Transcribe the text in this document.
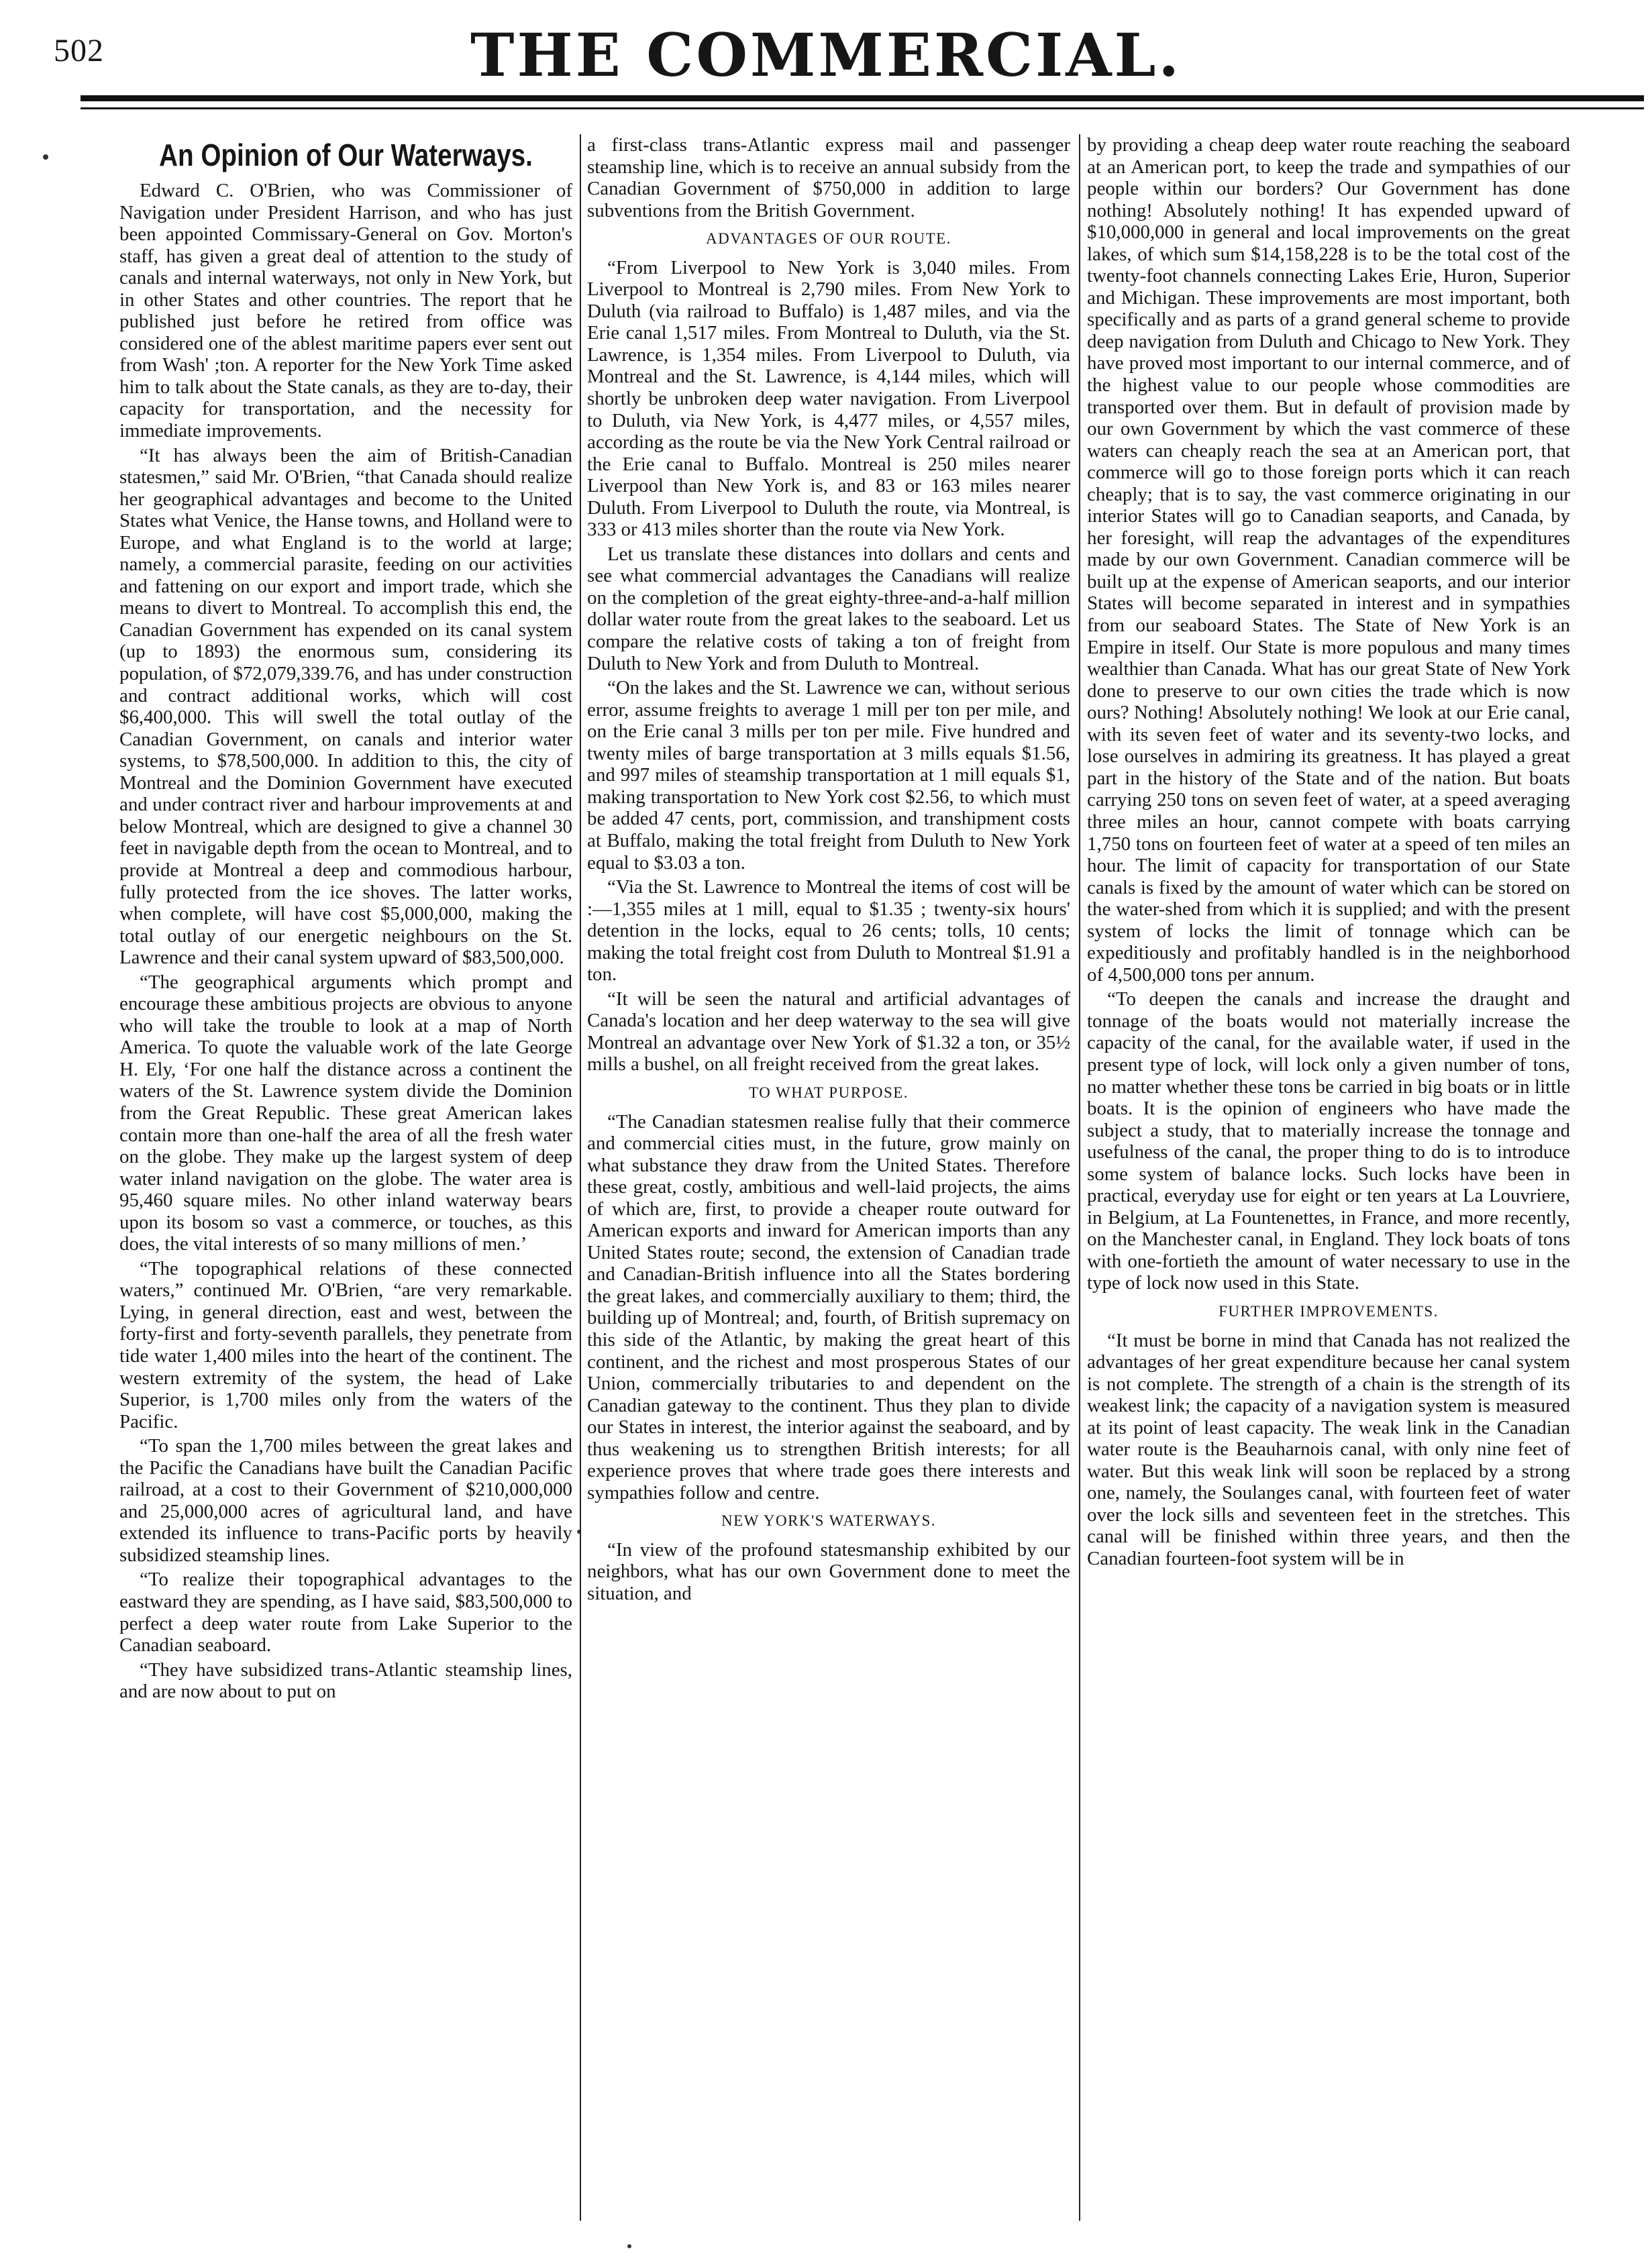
502	THE COMMERCIAL.
An Opinion of Our Waterways.

Edward C. O'Brien, who was Commissioner of Navigation under President Harrison, and who has just been appointed Commissary-General on Gov. Morton's staff, has given a great deal of attention to the study of canals and internal waterways, not only in New York, but in other States and other countries. The report that he published just before he retired from office was considered one of the ablest maritime papers ever sent out from Wash' ;ton. A reporter for the New York Time asked him to talk about the State canals, as they are to-day, their capacity for transportation, and the necessity for immediate improvements.

“It has always been the aim of British-Canadian statesmen,” said Mr. O'Brien, “that Canada should realize her geographical advantages and become to the United States what Venice, the Hanse towns, and Holland were to Europe, and what England is to the world at large; namely, a commercial parasite, feeding on our activities and fattening on our export and import trade, which she means to divert to Montreal. To accomplish this end, the Canadian Government has expended on its canal system (up to 1893) the enormous sum, considering its population, of $72,079,339.76, and has under construction and contract additional works, which will cost $6,400,000. This will swell the total outlay of the Canadian Government, on canals and interior water systems, to $78,500,000. In addition to this, the city of Montreal and the Dominion Government have executed and under contract river and harbour improvements at and below Montreal, which are designed to give a channel 30 feet in navigable depth from the ocean to Montreal, and to provide at Montreal a deep and commodious harbour, fully protected from the ice shoves. The latter works, when complete, will have cost $5,000,000, making the total outlay of our energetic neighbours on the St. Lawrence and their canal system upward of $83,500,000.

“The geographical arguments which prompt and encourage these ambitious projects are obvious to anyone who will take the trouble to look at a map of North America. To quote the valuable work of the late George H. Ely, ‘For one half the distance across a continent the waters of the St. Lawrence system divide the Dominion from the Great Republic. These great American lakes contain more than one-half the area of all the fresh water on the globe. They make up the largest system of deep water inland navigation on the globe. The water area is 95,460 square miles. No other inland waterway bears upon its bosom so vast a commerce, or touches, as this does, the vital interests of so many millions of men.’

“The topographical relations of these connected waters,” continued Mr. O'Brien, “are very remarkable. Lying, in general direction, east and west, between the forty-first and forty-seventh parallels, they penetrate from tide water 1,400 miles into the heart of the continent. The western extremity of the system, the head of Lake Superior, is 1,700 miles only from the waters of the Pacific.

“To span the 1,700 miles between the great lakes and the Pacific the Canadians have built the Canadian Pacific railroad, at a cost to their Government of $210,000,000 and 25,000,000 acres of agricultural land, and have extended its influence to trans-Pacific ports by heavily subsidized steamship lines.

“To realize their topographical advantages to the eastward they are spending, as I have said, $83,500,000 to perfect a deep water route from Lake Superior to the Canadian seaboard.

“They have subsidized trans-Atlantic steamship lines, and are now about to put on

a first-class trans-Atlantic express mail and passenger steamship line, which is to receive an annual subsidy from the Canadian Government of $750,000 in addition to large subventions from the British Government.

ADVANTAGES OF OUR ROUTE.

“From Liverpool to New York is 3,040 miles. From Liverpool to Montreal is 2,790 miles. From New York to Duluth (via railroad to Buffalo) is 1,487 miles, and via the Erie canal 1,517 miles. From Montreal to Duluth, via the St. Lawrence, is 1,354 miles. From Liverpool to Duluth, via Montreal and the St. Lawrence, is 4,144 miles, which will shortly be unbroken deep water navigation. From Liverpool to Duluth, via New York, is 4,477 miles, or 4,557 miles, according as the route be via the New York Central railroad or the Erie canal to Buffalo. Montreal is 250 miles nearer Liverpool than New York is, and 83 or 163 miles nearer Duluth. From Liverpool to Duluth the route, via Montreal, is 333 or 413 miles shorter than the route via New York.

Let us translate these distances into dollars and cents and see what commercial advantages the Canadians will realize on the completion of the great eighty-three-and-a-half million dollar water route from the great lakes to the seaboard. Let us compare the relative costs of taking a ton of freight from Duluth to New York and from Duluth to Montreal.

“On the lakes and the St. Lawrence we can, without serious error, assume freights to average 1 mill per ton per mile, and on the Erie canal 3 mills per ton per mile. Five hundred and twenty miles of barge transportation at 3 mills equals $1.56, and 997 miles of steamship transportation at 1 mill equals $1, making transportation to New York cost $2.56, to which must be added 47 cents, port, commission, and transhipment costs at Buffalo, making the total freight from Duluth to New York equal to $3.03 a ton.

“Via the St. Lawrence to Montreal the items of cost will be :—1,355 miles at 1 mill, equal to $1.35 ; twenty-six hours' detention in the locks, equal to 26 cents; tolls, 10 cents; making the total freight cost from Duluth to Montreal $1.91 a ton.

“It will be seen the natural and artificial advantages of Canada's location and her deep waterway to the sea will give Montreal an advantage over New York of $1.32 a ton, or 35½ mills a bushel, on all freight received from the great lakes.

TO WHAT PURPOSE.

“The Canadian statesmen realise fully that their commerce and commercial cities must, in the future, grow mainly on what substance they draw from the United States. Therefore these great, costly, ambitious and well-laid projects, the aims of which are, first, to provide a cheaper route outward for American exports and inward for American imports than any United States route; second, the extension of Canadian trade and Canadian-British influence into all the States bordering the great lakes, and commercially auxiliary to them; third, the building up of Montreal; and, fourth, of British supremacy on this side of the Atlantic, by making the great heart of this continent, and the richest and most prosperous States of our Union, commercially tributaries to and dependent on the Canadian gateway to the continent. Thus they plan to divide our States in interest, the interior against the seaboard, and by thus weakening us to strengthen British interests; for all experience proves that where trade goes there interests and sympathies follow and centre.

NEW YORK'S WATERWAYS.

“In view of the profound statesmanship exhibited by our neighbors, what has our own Government done to meet the situation, and

by providing a cheap deep water route reaching the seaboard at an American port, to keep the trade and sympathies of our people within our borders? Our Government has done nothing! Absolutely nothing! It has expended upward of $10,000,000 in general and local improvements on the great lakes, of which sum $14,158,228 is to be the total cost of the twenty-foot channels connecting Lakes Erie, Huron, Superior and Michigan. These improvements are most important, both specifically and as parts of a grand general scheme to provide deep navigation from Duluth and Chicago to New York. They have proved most important to our internal commerce, and of the highest value to our people whose commodities are transported over them. But in default of provision made by our own Government by which the vast commerce of these waters can cheaply reach the sea at an American port, that commerce will go to those foreign ports which it can reach cheaply; that is to say, the vast commerce originating in our interior States will go to Canadian seaports, and Canada, by her foresight, will reap the advantages of the expenditures made by our own Government. Canadian commerce will be built up at the expense of American seaports, and our interior States will become separated in interest and in sympathies from our seaboard States. The State of New York is an Empire in itself. Our State is more populous and many times wealthier than Canada. What has our great State of New York done to preserve to our own cities the trade which is now ours? Nothing! Absolutely nothing! We look at our Erie canal, with its seven feet of water and its seventy-two locks, and lose ourselves in admiring its greatness. It has played a great part in the history of the State and of the nation. But boats carrying 250 tons on seven feet of water, at a speed averaging three miles an hour, cannot compete with boats carrying 1,750 tons on fourteen feet of water at a speed of ten miles an hour. The limit of capacity for transportation of our State canals is fixed by the amount of water which can be stored on the water-shed from which it is supplied; and with the present system of locks the limit of tonnage which can be expeditiously and profitably handled is in the neighborhood of 4,500,000 tons per annum.

“To deepen the canals and increase the draught and tonnage of the boats would not materially increase the capacity of the canal, for the available water, if used in the present type of lock, will lock only a given number of tons, no matter whether these tons be carried in big boats or in little boats. It is the opinion of engineers who have made the subject a study, that to materially increase the tonnage and usefulness of the canal, the proper thing to do is to introduce some system of balance locks. Such locks have been in practical, everyday use for eight or ten years at La Louvriere, in Belgium, at La Fountenettes, in France, and more recently, on the Manchester canal, in England. They lock boats of tons with one-fortieth the amount of water necessary to use in the type of lock now used in this State.

FURTHER IMPROVEMENTS.

“It must be borne in mind that Canada has not realized the advantages of her great expenditure because her canal system is not complete. The strength of a chain is the strength of its weakest link; the capacity of a navigation system is measured at its point of least capacity. The weak link in the Canadian water route is the Beauharnois canal, with only nine feet of water. But this weak link will soon be replaced by a strong one, namely, the Soulanges canal, with fourteen feet of water over the lock sills and seventeen feet in the stretches. This canal will be finished within three years, and then the Canadian fourteen-foot system will be in
